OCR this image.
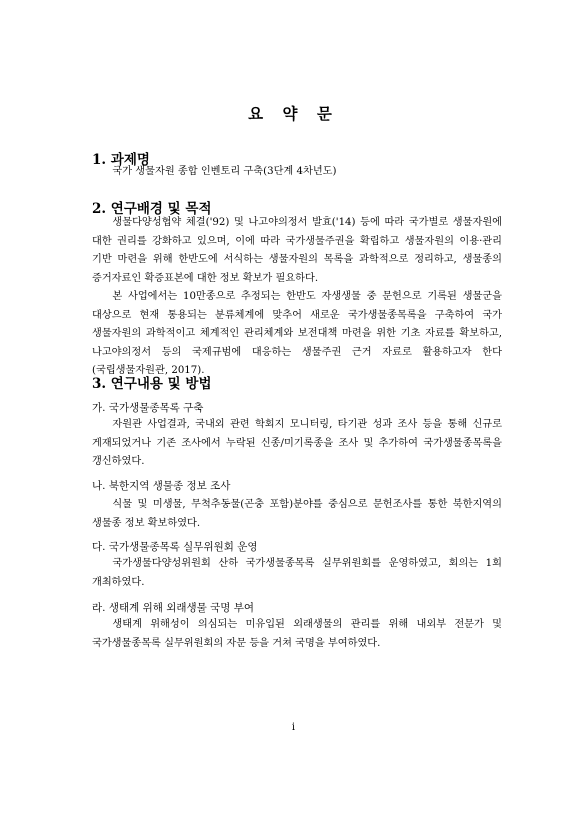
요 약 문
1. 과제명
국가 생물자원 종합 인벤토리 구축(3단계 4차년도)
2. 연구배경 및 목적
생물다양성협약 체결('92) 및 나고야의정서 발효('14) 등에 따라 국가별로 생물자원에 대한 권리를 강화하고 있으며, 이에 따라 국가생물주권을 확립하고 생물자원의 이용·관리 기반 마련을 위해 한반도에 서식하는 생물자원의 목록을 과학적으로 정리하고, 생물종의 증거자료인 확증표본에 대한 정보 확보가 필요하다.
본 사업에서는 10만종으로 추정되는 한반도 자생생물 중 문헌으로 기록된 생물군을 대상으로 현재 통용되는 분류체계에 맞추어 새로운 국가생물종목록을 구축하여 국가 생물자원의 과학적이고 체계적인 관리체계와 보전대책 마련을 위한 기초 자료를 확보하고, 나고야의정서 등의 국제규범에 대응하는 생물주권 근거 자료로 활용하고자 한다(국립생물자원관, 2017).
3. 연구내용 및 방법
가. 국가생물종목록 구축
자원관 사업결과, 국내외 관련 학회지 모니터링, 타기관 성과 조사 등을 통해 신규로 게재되었거나 기존 조사에서 누락된 신종/미기록종을 조사 및 추가하여 국가생물종목록을 갱신하였다.
나. 북한지역 생물종 정보 조사
식물 및 미생물, 무척추동물(곤충 포함)분야를 중심으로 문헌조사를 통한 북한지역의 생물종 정보 확보하였다.
다. 국가생물종목록 실무위원회 운영
국가생물다양성위원회 산하 국가생물종목록 실무위원회를 운영하였고, 회의는 1회 개최하였다.
라. 생태계 위해 외래생물 국명 부여
생태계 위해성이 의심되는 미유입된 외래생물의 관리를 위해 내외부 전문가 및 국가생물종목록 실무위원회의 자문 등을 거쳐 국명을 부여하였다.
i
